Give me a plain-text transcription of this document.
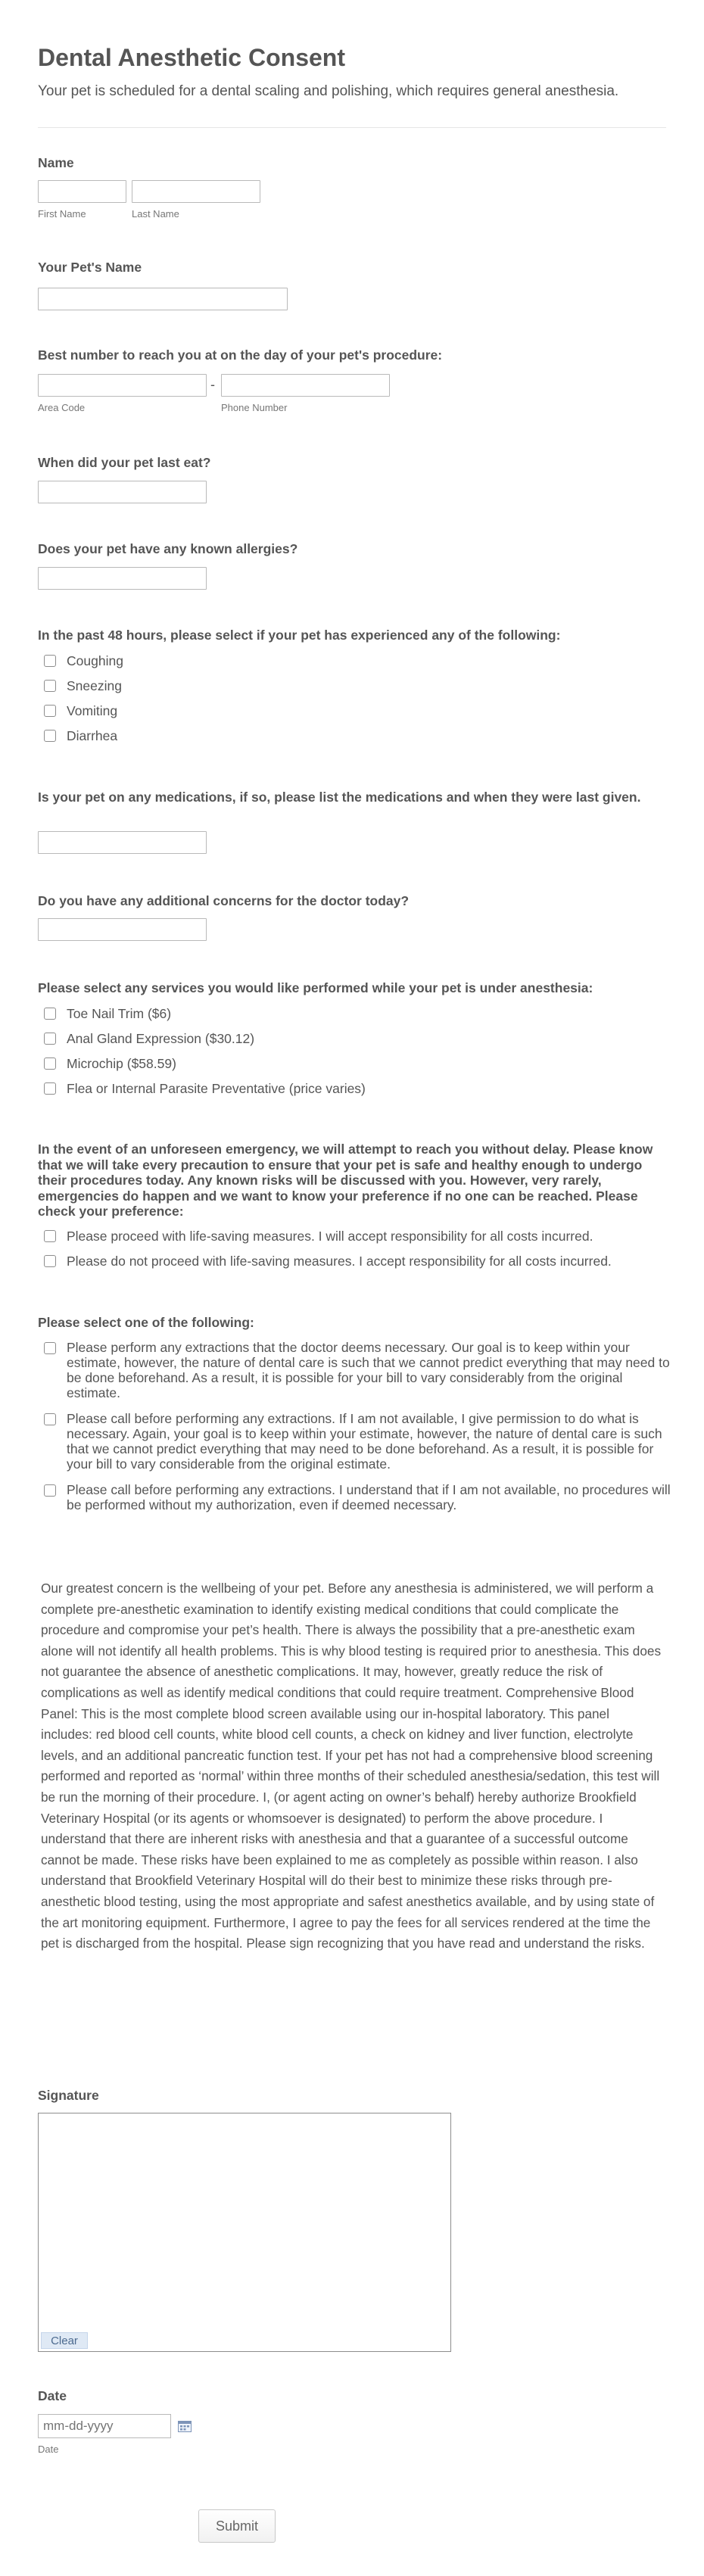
Dental Anesthetic Consent
Your pet is scheduled for a dental scaling and polishing, which requires general anesthesia.
Name
First Name	Last Name
Your Pet's Name
Best number to reach you at on the day of your pet's procedure:
-
Area Code	Phone Number
When did your pet last eat?
Does your pet have any known allergies?
In the past 48 hours, please select if your pet has experienced any of the following:
Coughing
Sneezing
Vomiting
Diarrhea
Is your pet on any medications, if so, please list the medications and when they were last given.
Do you have any additional concerns for the doctor today?
Please select any services you would like performed while your pet is under anesthesia:
Toe Nail Trim ($6)
Anal Gland Expression ($30.12)
Microchip ($58.59)
Flea or Internal Parasite Preventative (price varies)
In the event of an unforeseen emergency, we will attempt to reach you without delay. Please know that we will take every precaution to ensure that your pet is safe and healthy enough to undergo their procedures today. Any known risks will be discussed with you. However, very rarely, emergencies do happen and we want to know your preference if no one can be reached. Please check your preference:
Please proceed with life-saving measures. I will accept responsibility for all costs incurred.
Please do not proceed with life-saving measures. I accept responsibility for all costs incurred.
Please select one of the following:
Please perform any extractions that the doctor deems necessary. Our goal is to keep within your estimate, however, the nature of dental care is such that we cannot predict everything that may need to be done beforehand. As a result, it is possible for your bill to vary considerably from the original estimate.
Please call before performing any extractions. If I am not available, I give permission to do what is necessary. Again, your goal is to keep within your estimate, however, the nature of dental care is such that we cannot predict everything that may need to be done beforehand. As a result, it is possible for your bill to vary considerable from the original estimate.
Please call before performing any extractions. I understand that if I am not available, no procedures will be performed without my authorization, even if deemed necessary.
Our greatest concern is the wellbeing of your pet. Before any anesthesia is administered, we will perform a complete pre-anesthetic examination to identify existing medical conditions that could complicate the procedure and compromise your pet’s health. There is always the possibility that a pre-anesthetic exam alone will not identify all health problems. This is why blood testing is required prior to anesthesia. This does not guarantee the absence of anesthetic complications. It may, however, greatly reduce the risk of complications as well as identify medical conditions that could require treatment. Comprehensive Blood Panel: This is the most complete blood screen available using our in-hospital laboratory. This panel includes: red blood cell counts, white blood cell counts, a check on kidney and liver function, electrolyte levels, and an additional pancreatic function test. If your pet has not had a comprehensive blood screening performed and reported as ‘normal’ within three months of their scheduled anesthesia/sedation, this test will be run the morning of their procedure. I, (or agent acting on owner’s behalf) hereby authorize Brookfield Veterinary Hospital (or its agents or whomsoever is designated) to perform the above procedure. I understand that there are inherent risks with anesthesia and that a guarantee of a successful outcome cannot be made. These risks have been explained to me as completely as possible within reason. I also understand that Brookfield Veterinary Hospital will do their best to minimize these risks through pre-anesthetic blood testing, using the most appropriate and safest anesthetics available, and by using state of the art monitoring equipment. Furthermore, I agree to pay the fees for all services rendered at the time the pet is discharged from the hospital. Please sign recognizing that you have read and understand the risks.
Signature
Clear
Date
mm-dd-yyyy
Date
Submit
